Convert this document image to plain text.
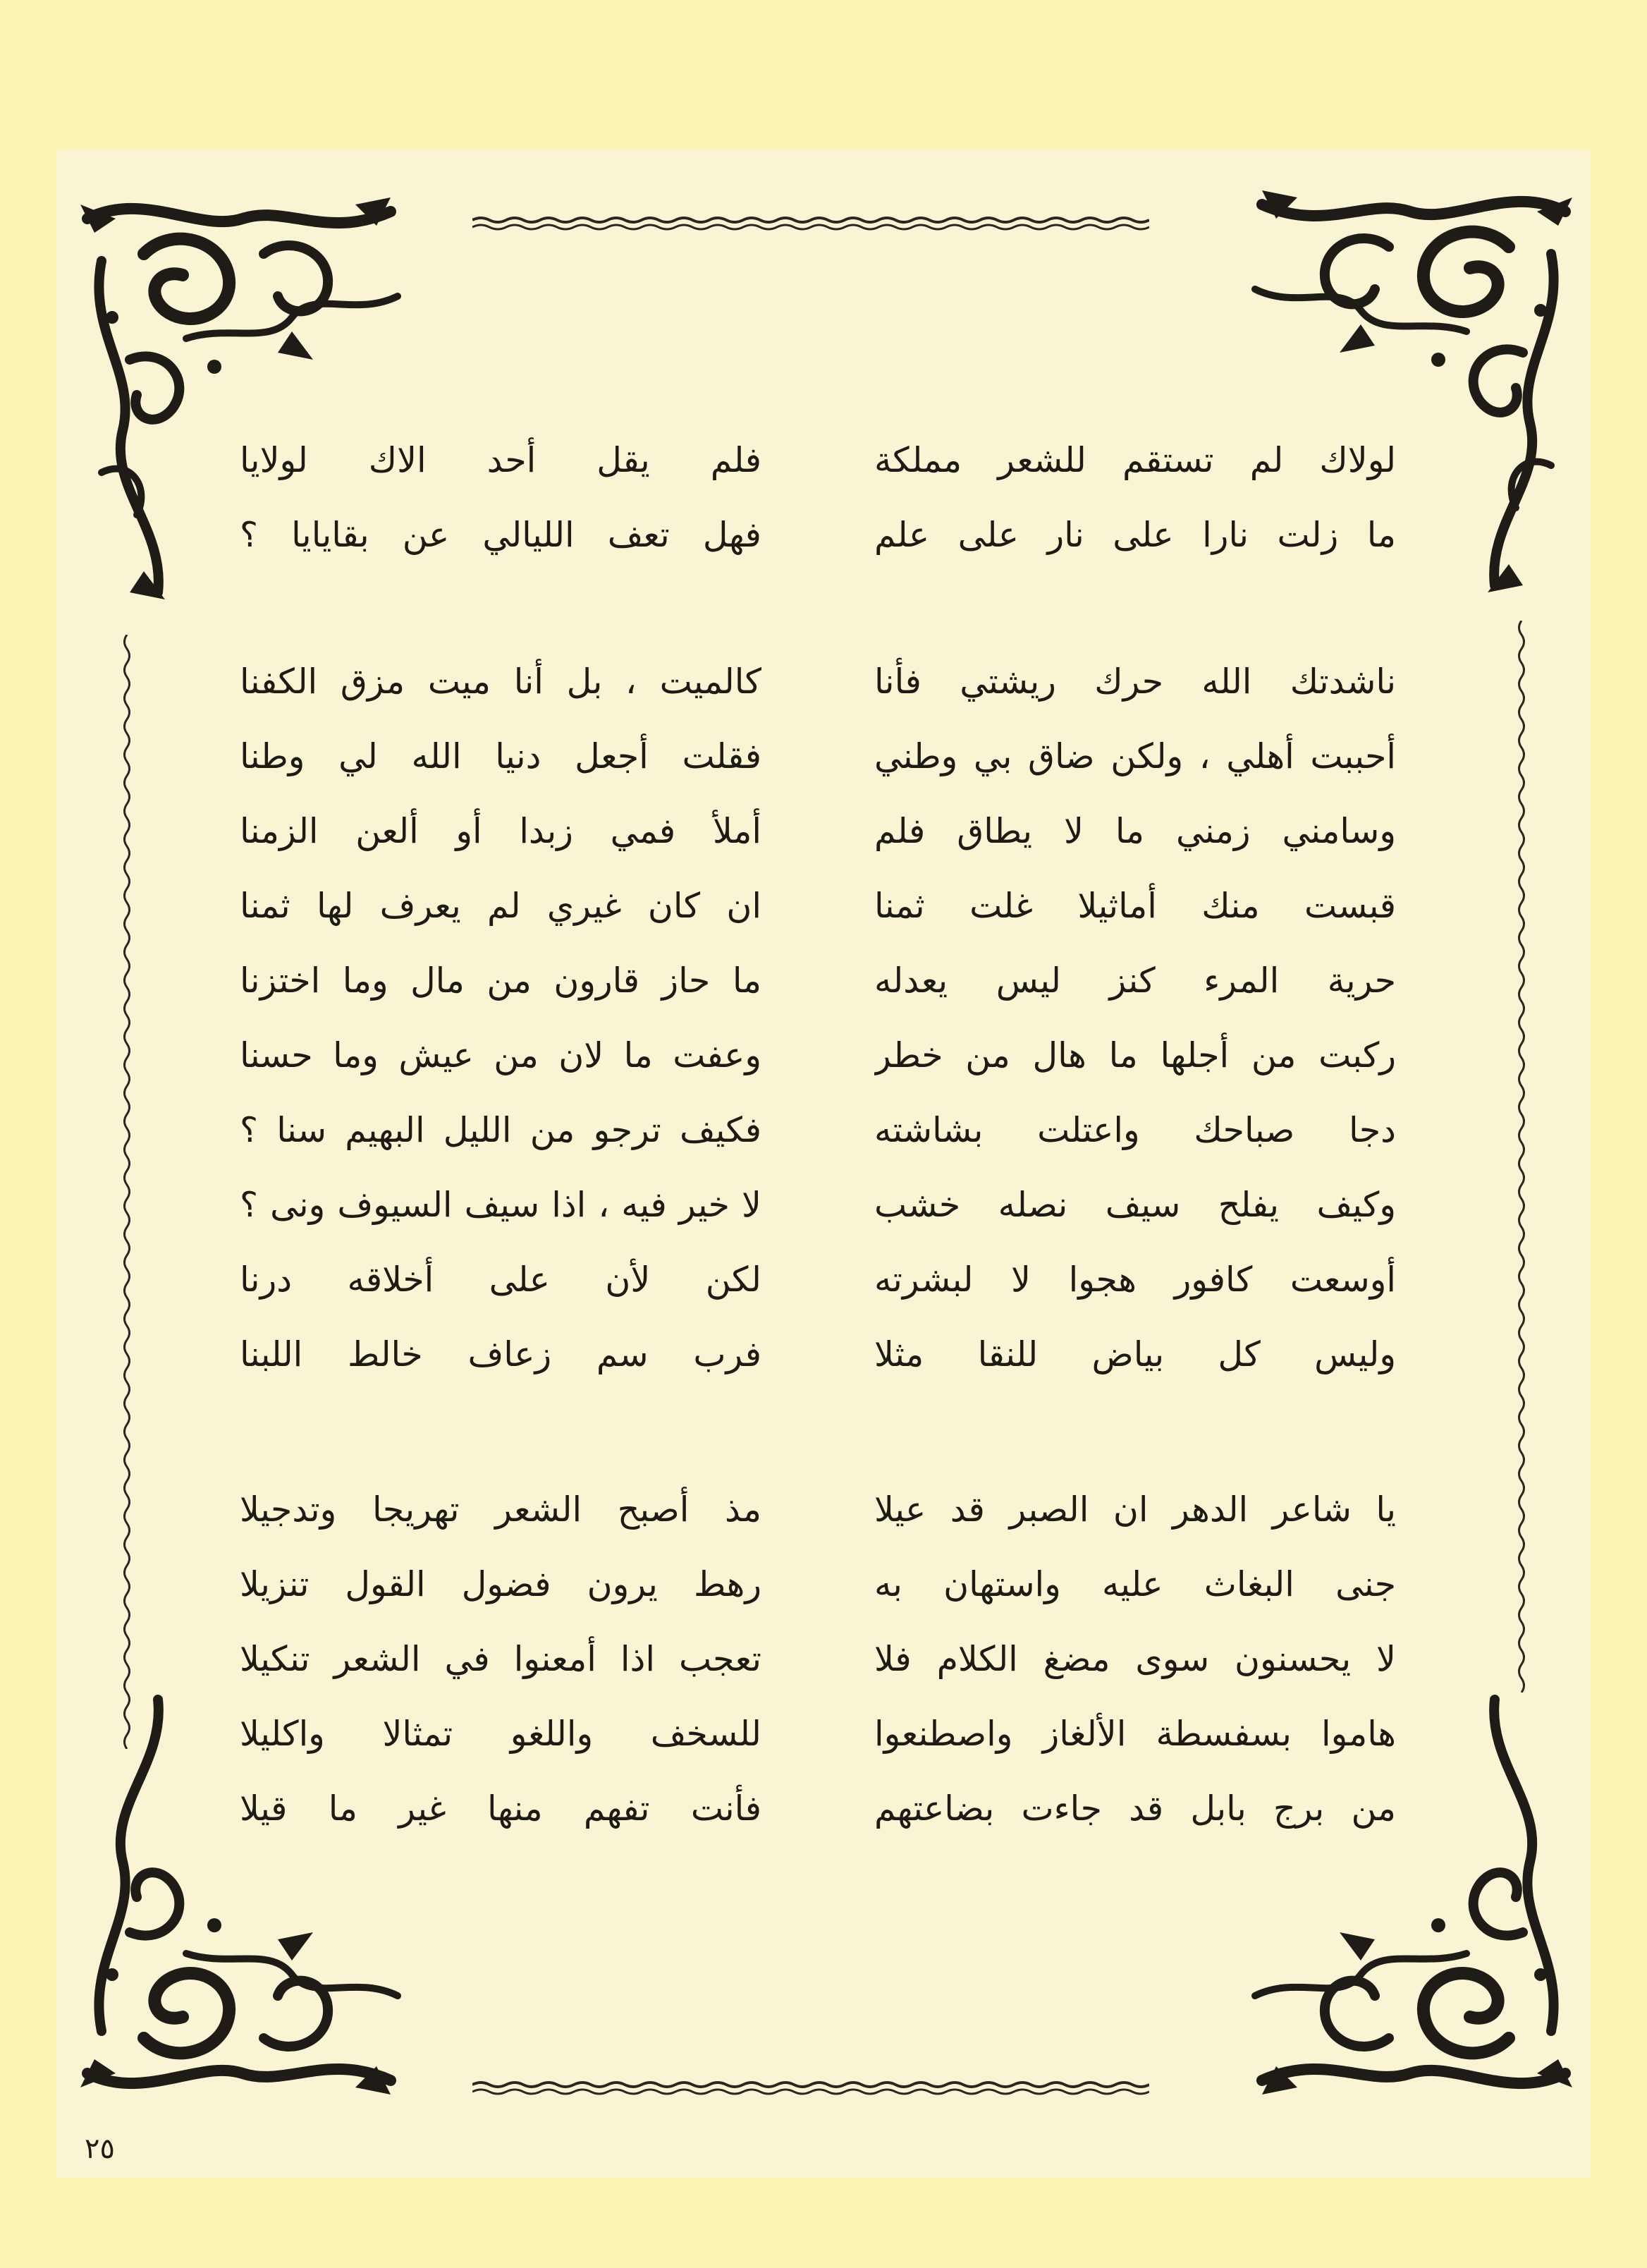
لولاك لم تستقم للشعر مملكة
فلم يقل أحد الاك لولايا
ما زلت نارا على نار على علم
فهل تعف الليالي عن بقايايا ؟
ناشدتك الله حرك ريشتي فأنا
كالميت ، بل أنا ميت مزق الكفنا
أحببت أهلي ، ولكن ضاق بي وطني
فقلت أجعل دنيا الله لي وطنا
وسامني زمني ما لا يطاق فلم
أملأ فمي زبدا أو ألعن الزمنا
قبست منك أماثيلا غلت ثمنا
ان كان غيري لم يعرف لها ثمنا
حرية المرء كنز ليس يعدله
ما حاز قارون من مال وما اختزنا
ركبت من أجلها ما هال من خطر
وعفت ما لان من عيش وما حسنا
دجا صباحك واعتلت بشاشته
فكيف ترجو من الليل البهيم سنا ؟
وكيف يفلح سيف نصله خشب
لا خير فيه ، اذا سيف السيوف ونى ؟
أوسعت كافور هجوا لا لبشرته
لكن لأن على أخلاقه درنا
وليس كل بياض للنقا مثلا
فرب سم زعاف خالط اللبنا
يا شاعر الدهر ان الصبر قد عيلا
مذ أصبح الشعر تهريجا وتدجيلا
جنى البغاث عليه واستهان به
رهط يرون فضول القول تنزيلا
لا يحسنون سوى مضغ الكلام فلا
تعجب اذا أمعنوا في الشعر تنكيلا
هاموا بسفسطة الألغاز واصطنعوا
للسخف واللغو تمثالا واكليلا
من برج بابل قد جاءت بضاعتهم
فأنت تفهم منها غير ما قيلا
٢٥
